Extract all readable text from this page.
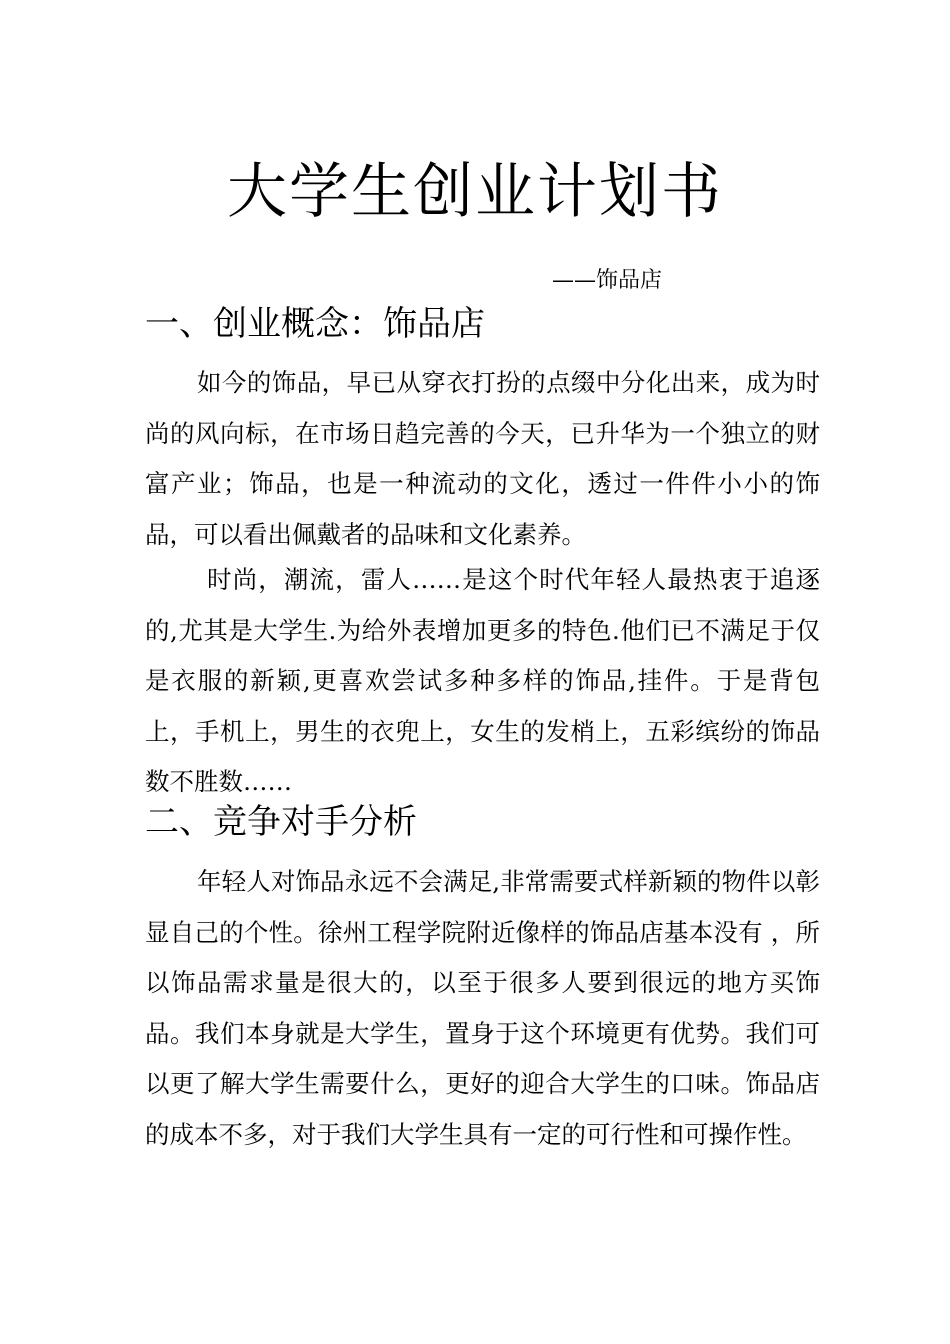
大学生创业计划书

——饰品店

一、创业概念：饰品店

如今的饰品，早已从穿衣打扮的点缀中分化出来，成为时尚的风向标，在市场日趋完善的今天，已升华为一个独立的财富产业；饰品，也是一种流动的文化，透过一件件小小的饰品，可以看出佩戴者的品味和文化素养。

时尚，潮流，雷人……是这个时代年轻人最热衷于追逐的,尤其是大学生.为给外表增加更多的特色.他们已不满足于仅是衣服的新颖,更喜欢尝试多种多样的饰品,挂件。于是背包上，手机上，男生的衣兜上，女生的发梢上，五彩缤纷的饰品数不胜数……

二、竞争对手分析

年轻人对饰品永远不会满足,非常需要式样新颖的物件以彰显自己的个性。徐州工程学院附近像样的饰品店基本没有 ，所以饰品需求量是很大的，以至于很多人要到很远的地方买饰品。我们本身就是大学生，置身于这个环境更有优势。我们可以更了解大学生需要什么，更好的迎合大学生的口味。饰品店的成本不多，对于我们大学生具有一定的可行性和可操作性。
